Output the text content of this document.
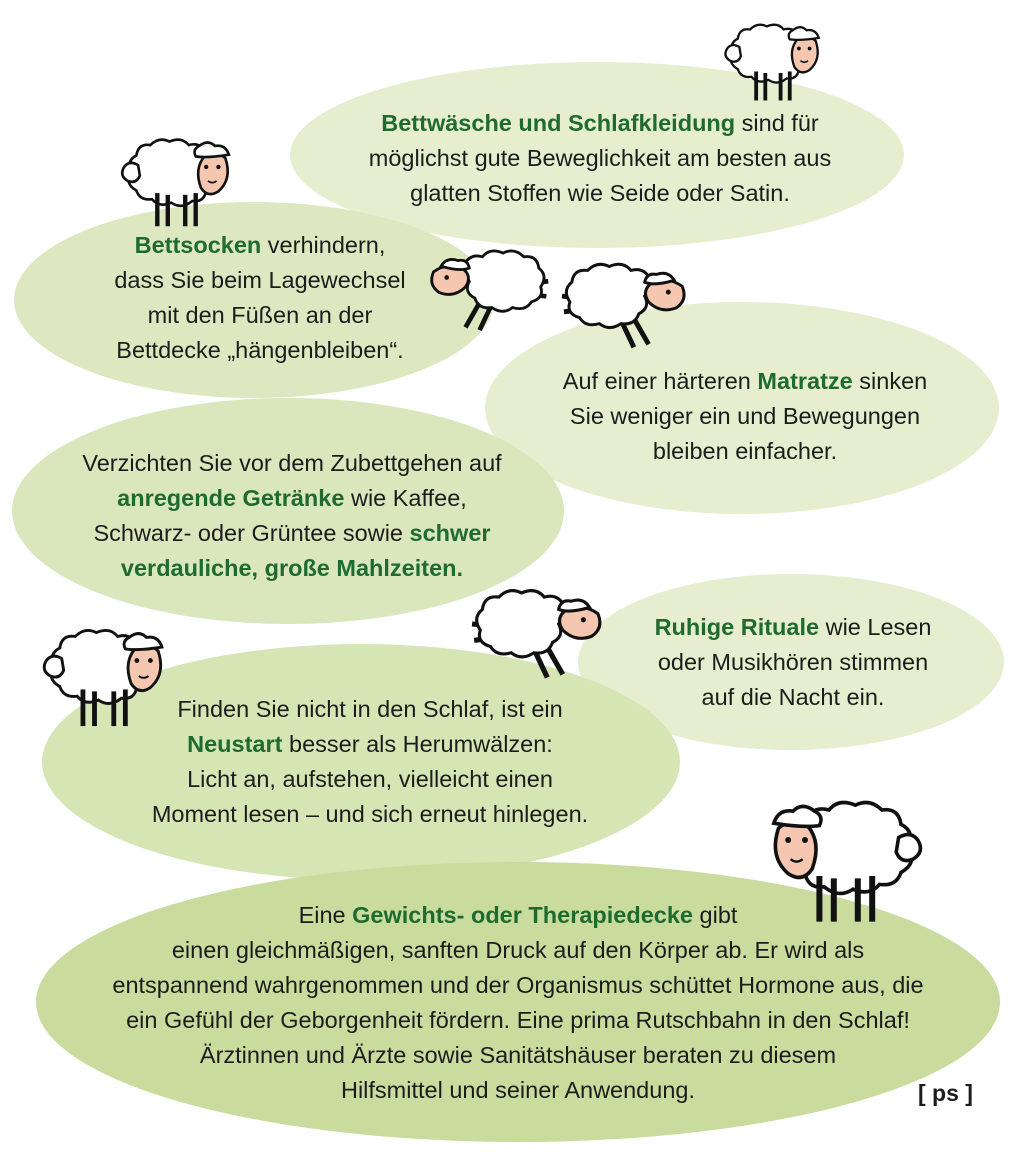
Bettwäsche und Schlafkleidung sind für
möglichst gute Beweglichkeit am besten aus
glatten Stoffen wie Seide oder Satin.
Bettsocken verhindern,
dass Sie beim Lagewechsel
mit den Füßen an der
Bettdecke „hängenbleiben“.
Auf einer härteren Matratze sinken
Sie weniger ein und Bewegungen
bleiben einfacher.
Verzichten Sie vor dem Zubettgehen auf
anregende Getränke wie Kaffee,
Schwarz- oder Grüntee sowie schwer
verdauliche, große Mahlzeiten.
Ruhige Rituale wie Lesen
oder Musikhören stimmen
auf die Nacht ein.
Finden Sie nicht in den Schlaf, ist ein
Neustart besser als Herumwälzen:
Licht an, aufstehen, vielleicht einen
Moment lesen – und sich erneut hinlegen.
Eine Gewichts- oder Therapiedecke gibt
einen gleichmäßigen, sanften Druck auf den Körper ab. Er wird als
entspannend wahrgenommen und der Organismus schüttet Hormone aus, die
ein Gefühl der Geborgenheit fördern. Eine prima Rutschbahn in den Schlaf!
Ärztinnen und Ärzte sowie Sanitätshäuser beraten zu diesem
Hilfsmittel und seiner Anwendung.	[ ps ]
